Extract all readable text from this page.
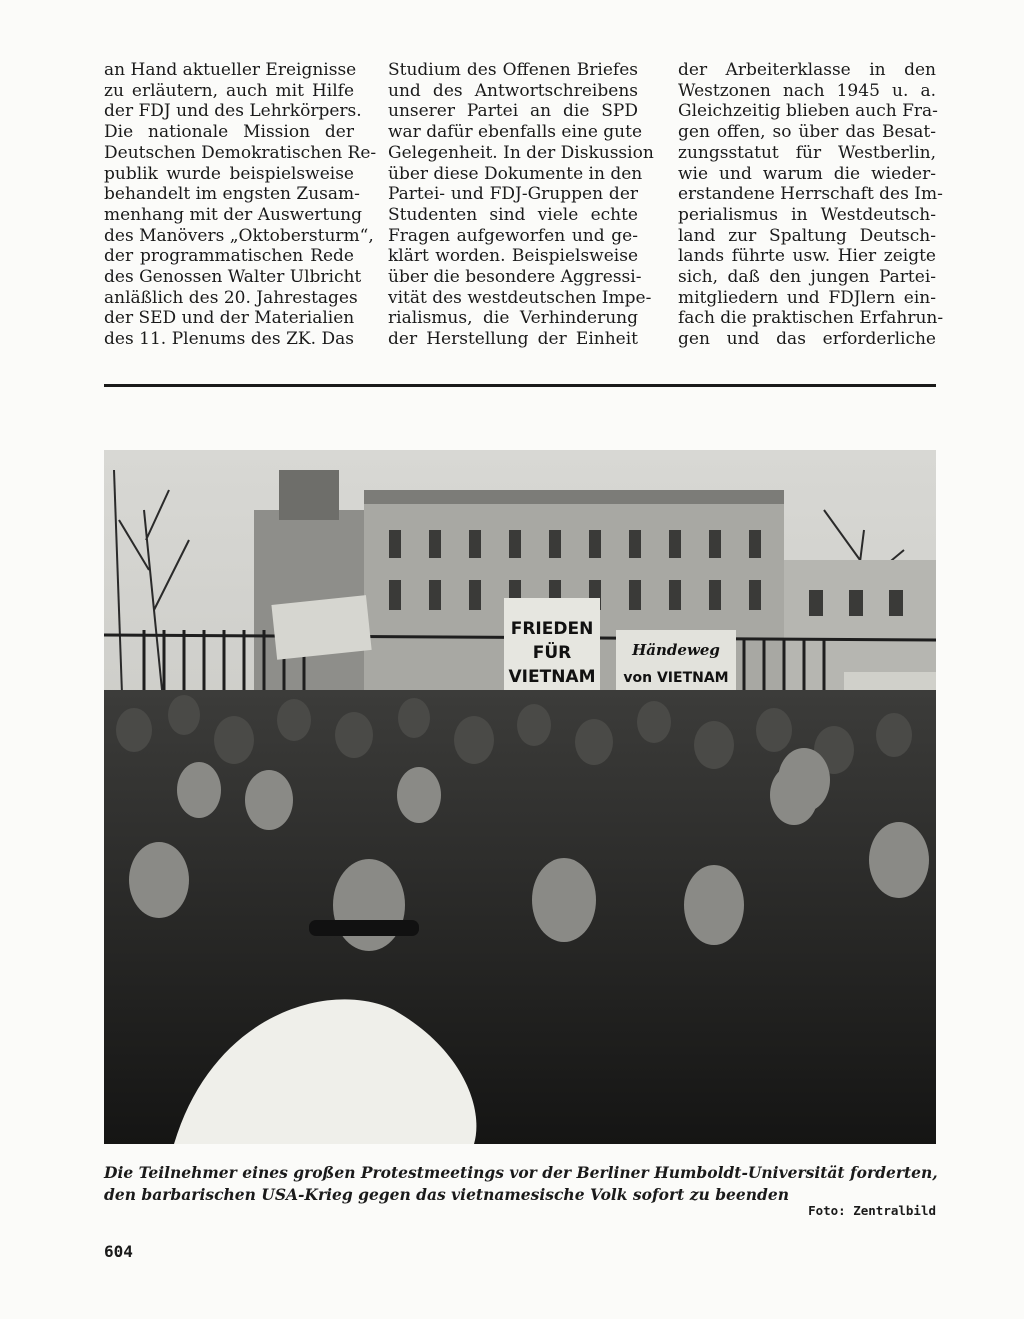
an Hand aktueller Ereignisse
zu erläutern, auch mit Hilfe
der FDJ und des Lehrkörpers.
Die nationale Mission der
Deutschen Demokratischen Re-
publik wurde beispielsweise
behandelt im engsten Zusam-
menhang mit der Auswertung
des Manövers „Oktobersturm“,
der programmatischen Rede
des Genossen Walter Ulbricht
anläßlich des 20. Jahrestages
der SED und der Materialien
des 11. Plenums des ZK. Das
Studium des Offenen Briefes
und des Antwortschreibens
unserer Partei an die SPD
war dafür ebenfalls eine gute
Gelegenheit. In der Diskussion
über diese Dokumente in den
Partei- und FDJ-Gruppen der
Studenten sind viele echte
Fragen aufgeworfen und ge-
klärt worden. Beispielsweise
über die besondere Aggressi-
vität des westdeutschen Impe-
rialismus, die Verhinderung
der Herstellung der Einheit
der Arbeiterklasse in den
Westzonen nach 1945 u. a.
Gleichzeitig blieben auch Fra-
gen offen, so über das Besat-
zungsstatut für Westberlin,
wie und warum die wieder-
erstandene Herrschaft des Im-
perialismus in Westdeutsch-
land zur Spaltung Deutsch-
lands führte usw. Hier zeigte
sich, daß den jungen Partei-
mitgliedern und FDJlern ein-
fach die praktischen Erfahrun-
gen und das erforderliche
FRIEDEN
FÜR
VIETNAM
Händeweg
von VIETNAM
Die Teilnehmer eines großen Protestmeetings vor der Berliner Humboldt-Universität forderten,
den barbarischen USA-Krieg gegen das vietnamesische Volk sofort zu beenden
Foto: Zentralbild
604
